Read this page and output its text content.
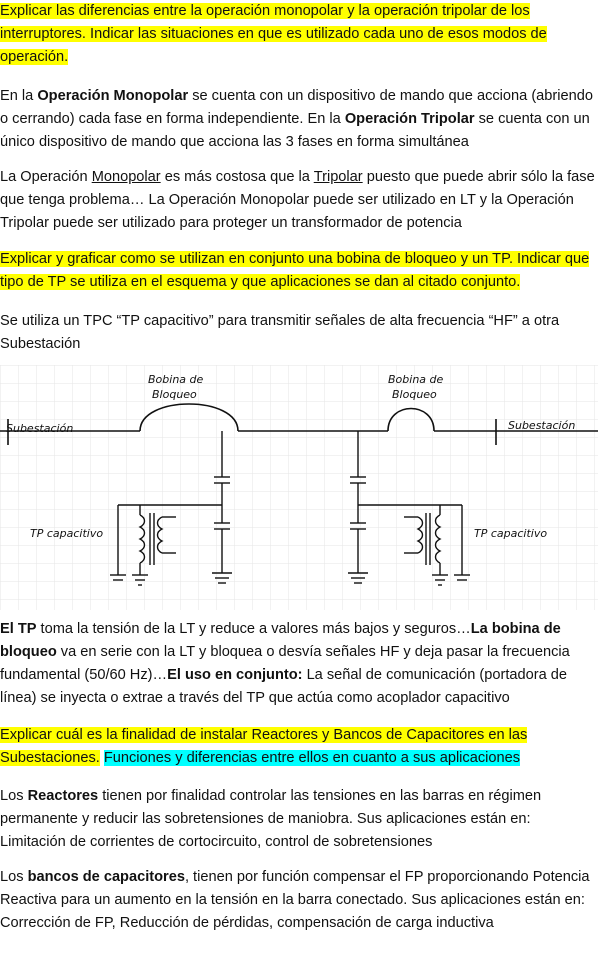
Explicar las diferencias entre la operación monopolar y la operación tripolar de los interruptores. Indicar las situaciones en que es utilizado cada uno de esos modos de operación.

En la Operación Monopolar se cuenta con un dispositivo de mando que acciona (abriendo o cerrando) cada fase en forma independiente. En la Operación Tripolar se cuenta con un único dispositivo de mando que acciona las 3 fases en forma simultánea

La Operación Monopolar es más costosa que la Tripolar puesto que puede abrir sólo la fase que tenga problema… La Operación Monopolar puede ser utilizado en LT y la Operación Tripolar puede ser utilizado para proteger un transformador de potencia

Explicar y graficar como se utilizan en conjunto una bobina de bloqueo y un TP. Indicar que tipo de TP se utiliza en el esquema y que aplicaciones se dan al citado conjunto.

Se utiliza un TPC “TP capacitivo” para transmitir señales de alta frecuencia “HF” a otra Subestación

Bobina de
Bloqueo
Bobina de
Bloqueo
Subestación	Subestación
TP capacitivo	TP capacitivo

El TP toma la tensión de la LT y reduce a valores más bajos y seguros…La bobina de bloqueo va en serie con la LT y bloquea o desvía señales HF y deja pasar la frecuencia fundamental (50/60 Hz)…El uso en conjunto: La señal de comunicación (portadora de línea) se inyecta o extrae a través del TP que actúa como acoplador capacitivo

Explicar cuál es la finalidad de instalar Reactores y Bancos de Capacitores en las Subestaciones. Funciones y diferencias entre ellos en cuanto a sus aplicaciones

Los Reactores tienen por finalidad controlar las tensiones en las barras en régimen permanente y reducir las sobretensiones de maniobra. Sus aplicaciones están en: Limitación de corrientes de cortocircuito, control de sobretensiones

Los bancos de capacitores, tienen por función compensar el FP proporcionando Potencia Reactiva para un aumento en la tensión en la barra conectado. Sus aplicaciones están en: Corrección de FP, Reducción de pérdidas, compensación de carga inductiva
